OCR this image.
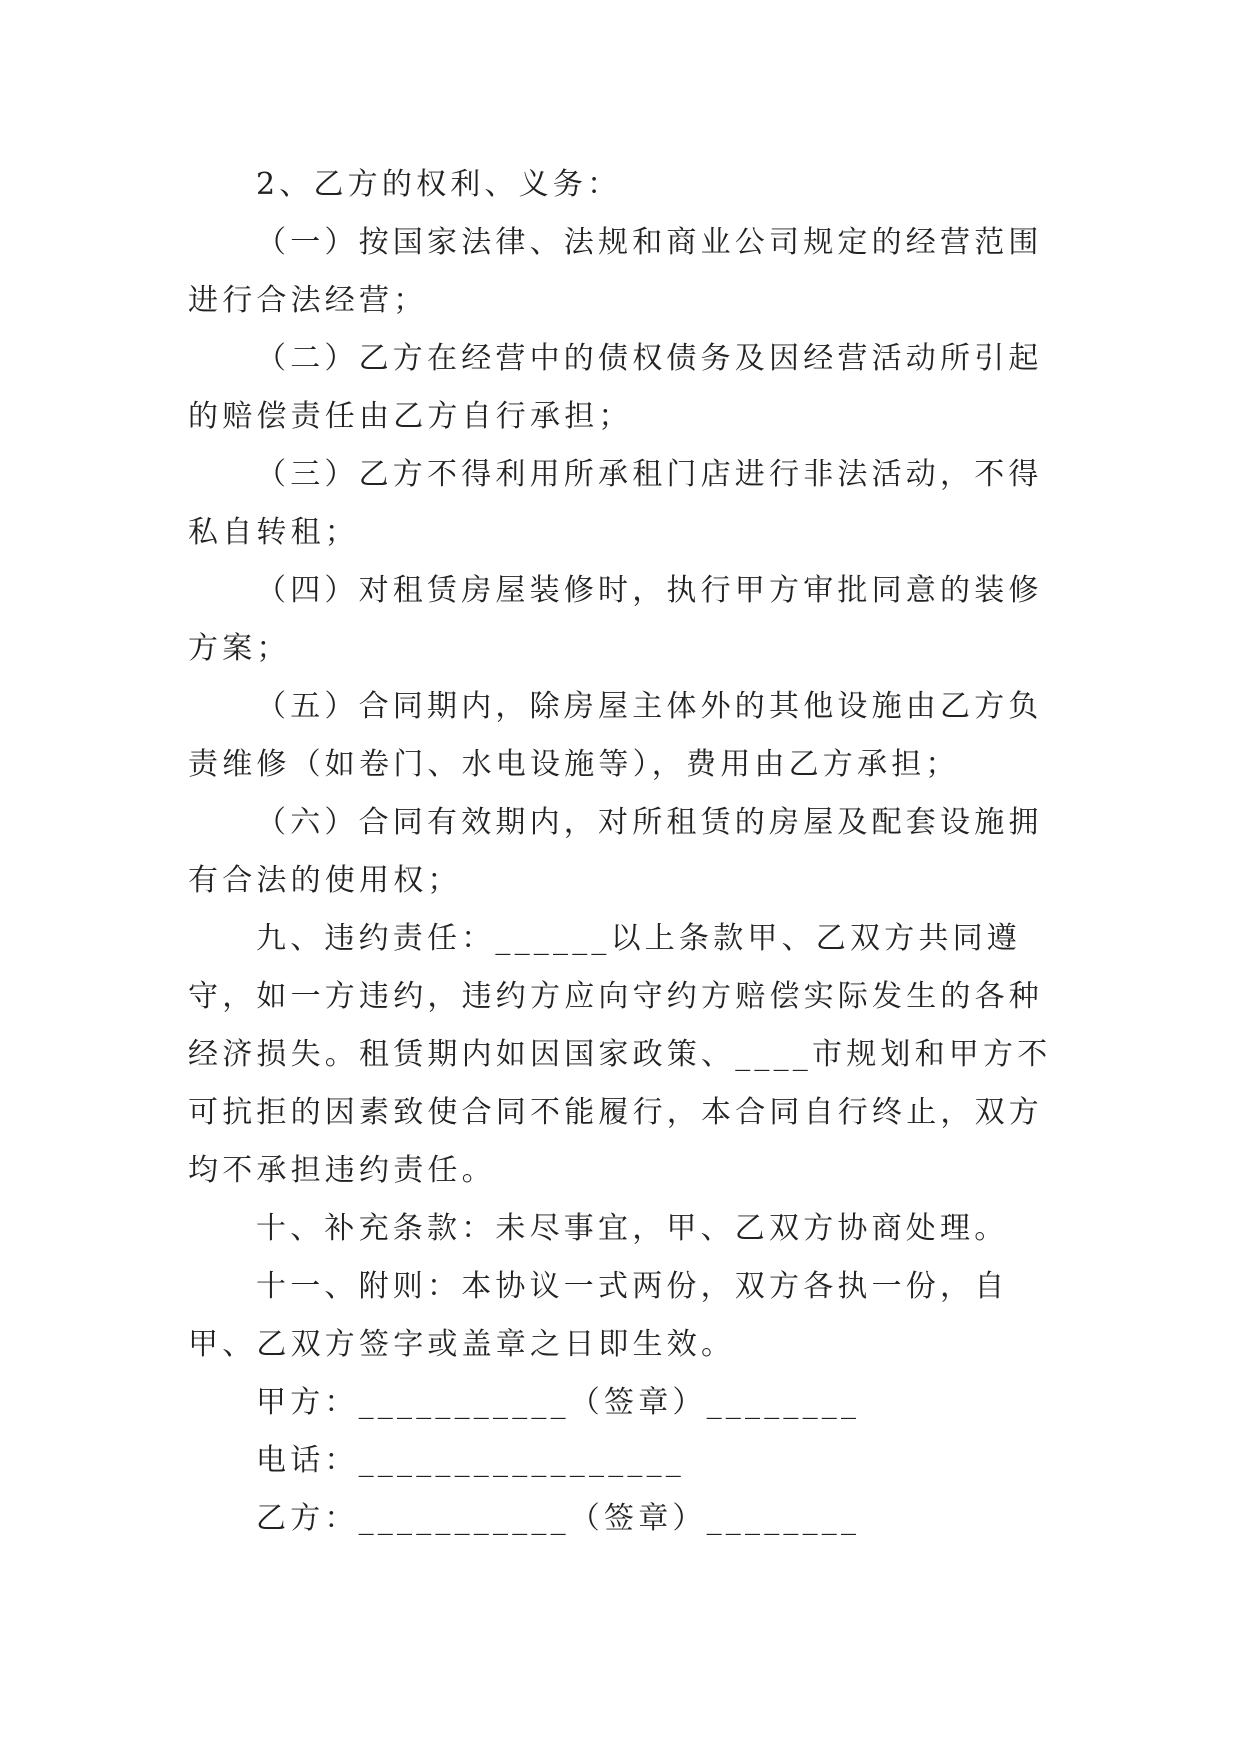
2、乙方的权利、义务：

（一）按国家法律、法规和商业公司规定的经营范围进行合法经营；

（二）乙方在经营中的债权债务及因经营活动所引起的赔偿责任由乙方自行承担；

（三）乙方不得利用所承租门店进行非法活动，不得私自转租；

（四）对租赁房屋装修时，执行甲方审批同意的装修方案；

（五）合同期内，除房屋主体外的其他设施由乙方负责维修（如卷门、水电设施等），费用由乙方承担；

（六）合同有效期内，对所租赁的房屋及配套设施拥有合法的使用权；

九、违约责任：______以上条款甲、乙双方共同遵守，如一方违约，违约方应向守约方赔偿实际发生的各种经济损失。租赁期内如因国家政策、____市规划和甲方不可抗拒的因素致使合同不能履行，本合同自行终止，双方均不承担违约责任。

十、补充条款：未尽事宜，甲、乙双方协商处理。

十一、附则：本协议一式两份，双方各执一份，自甲、乙双方签字或盖章之日即生效。

甲方：___________（签章）________

电话：_________________

乙方：___________（签章）________
